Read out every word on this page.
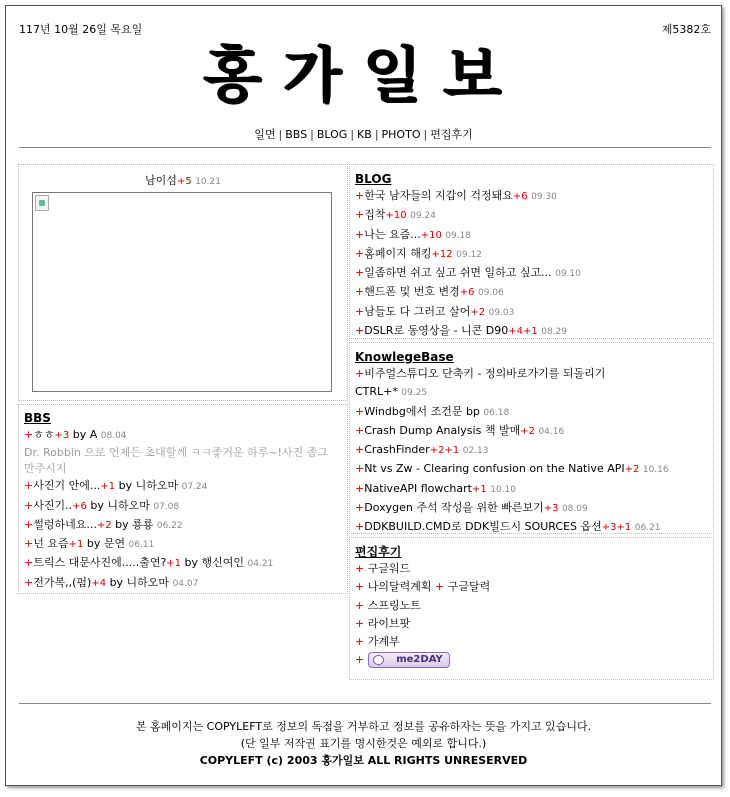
117년 10월 26일 목요일	제5382호
홍가일보
일면 | BBS | BLOG | KB | PHOTO | 편집후기
남이섬+5 10.21
BBS
+ㅎㅎ+3 by A 08.04
Dr. Robbin 으로 언제든 초대할께 ㅋㅋ좋거운 하루~!사진 좀그만주시지
+사진기 안에...+1 by 니하오마 07.24
+사진기..+6 by 니하오마 07.08
+썰렁하네요...+2 by 룡룡 06.22
+넌 요즘+1 by 문연 06.11
+트릭스 대문사진에.....출연?+1 by 행신여인 04.21
+전가복,,(펌)+4 by 니하오마 04.07
BLOG
+한국 남자들의 지갑이 걱정돼요+6 09.30
+집착+10 09.24
+나는 요즘...+10 09.18
+홈페이지 해킹+12 09.12
+일좀하면 쉬고 싶고 쉬면 일하고 싶고... 09.10
+핸드폰 및 번호 변경+6 09.06
+남들도 다 그러고 살어+2 09.03
+DSLR로 동영상을 - 니콘 D90+4+1 08.29
KnowlegeBase
+비주얼스튜디오 단축키 - 정의바로가기를 되돌리기
CTRL+* 09.25
+Windbg에서 조건문 bp 06.18
+Crash Dump Analysis 책 발매+2 04.16
+CrashFinder+2+1 02.13
+Nt vs Zw - Clearing confusion on the Native API+2 10.16
+NativeAPI flowchart+1 10.10
+Doxygen 주석 작성을 위한 빠른보기+3 08.09
+DDKBUILD.CMD로 DDK빌드시 SOURCES 옵션+3+1 06.21
편집후기
+ 구글워드
+ 나의달력계획 + 구글달력
+ 스프링노트
+ 라이브팟
+ 가계부
+	me2DAY
본 홈페이지는 COPYLEFT로 정보의 독점을 거부하고 정보를 공유하자는 뜻을 가지고 있습니다.
(단 일부 저작권 표기를 명시한것은 예외로 합니다.)
COPYLEFT (c) 2003 홍가일보 ALL RIGHTS UNRESERVED
